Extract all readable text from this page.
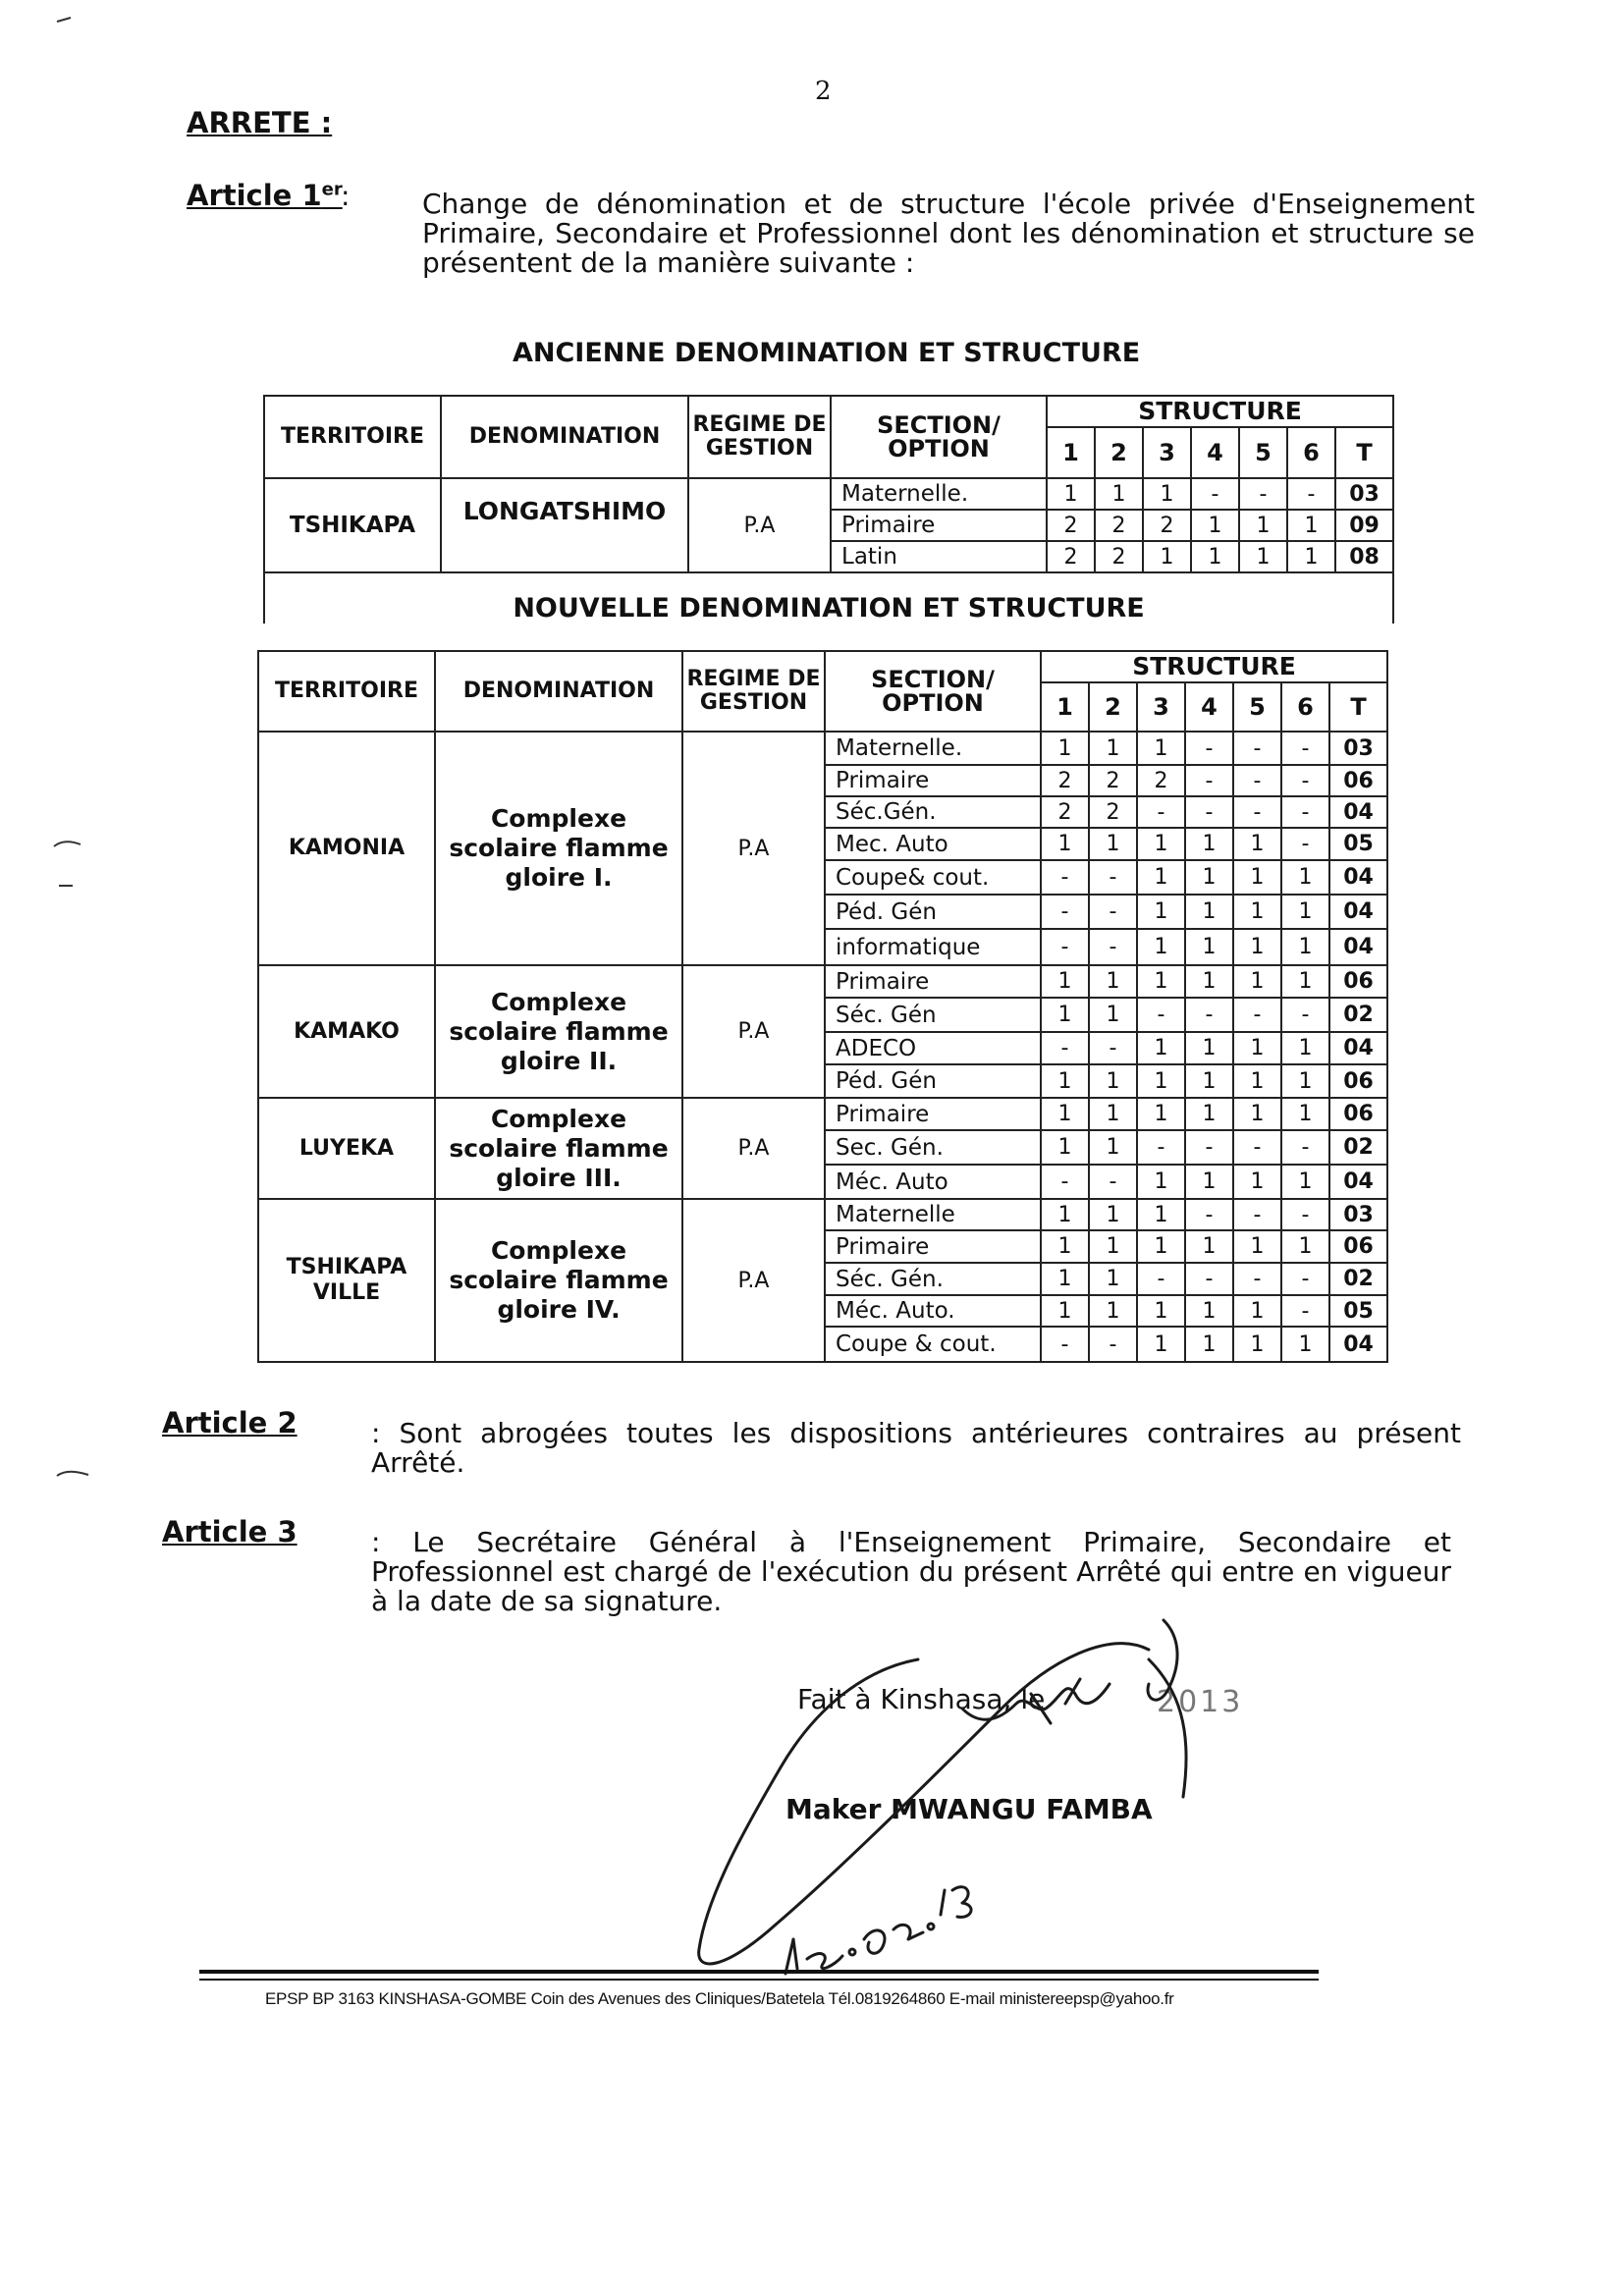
2
ARRETE :
Article 1er
:	Change de dénomination et de structure l'école privée d'Enseignement Primaire, Secondaire et Professionnel dont les dénomination et structure se présentent de la manière suivante :
ANCIENNE DENOMINATION ET STRUCTURE
TERRITOIRE	DENOMINATION	REGIME DE GESTION	SECTION/ OPTION	STRUCTURE						
				1	2	3	4	5	6	T
TSHIKAPA	LONGATSHIMO	P.A	Maternelle.	1	1	1	-	-	-	03
			Primaire	2	2	2	1	1	1	09
			Latin	2	2	1	1	1	1	08
NOUVELLE DENOMINATION ET STRUCTURE										
TERRITOIRE	DENOMINATION	REGIME DE GESTION	SECTION/ OPTION	STRUCTURE						
				1	2	3	4	5	6	T
KAMONIA	Complexe scolaire flamme gloire I.	P.A	Maternelle.	1	1	1	-	-	-	03
			Primaire	2	2	2	-	-	-	06
			Séc.Gén.	2	2	-	-	-	-	04
			Mec. Auto	1	1	1	1	1	-	05
			Coupe& cout.	-	-	1	1	1	1	04
			Péd. Gén	-	-	1	1	1	1	04
			informatique	-	-	1	1	1	1	04
KAMAKO	Complexe scolaire flamme gloire II.	P.A	Primaire	1	1	1	1	1	1	06
			Séc. Gén	1	1	-	-	-	-	02
			ADECO	-	-	1	1	1	1	04
			Péd. Gén	1	1	1	1	1	1	06
LUYEKA	Complexe scolaire flamme gloire III.	P.A	Primaire	1	1	1	1	1	1	06
			Sec. Gén.	1	1	-	-	-	-	02
			Méc. Auto	-	-	1	1	1	1	04
TSHIKAPA VILLE	Complexe scolaire flamme gloire IV.	P.A	Maternelle	1	1	1	-	-	-	03
			Primaire	1	1	1	1	1	1	06
			Séc. Gén.	1	1	-	-	-	-	02
			Méc. Auto.	1	1	1	1	1	-	05
			Coupe & cout.	-	-	1	1	1	1	04
Article 2	: Sont abrogées toutes les dispositions antérieures contraires au présent Arrêté.
Article 3	: Le Secrétaire Général à l'Enseignement Primaire, Secondaire et Professionnel est chargé de l'exécution du présent Arrêté qui entre en vigueur à la date de sa signature.
Fait à Kinshasa, le	2013
Maker MWANGU FAMBA
EPSP BP 3163 KINSHASA-GOMBE Coin des Avenues des Cliniques/Batetela Tél.0819264860 E-mail ministereepsp@yahoo.fr
